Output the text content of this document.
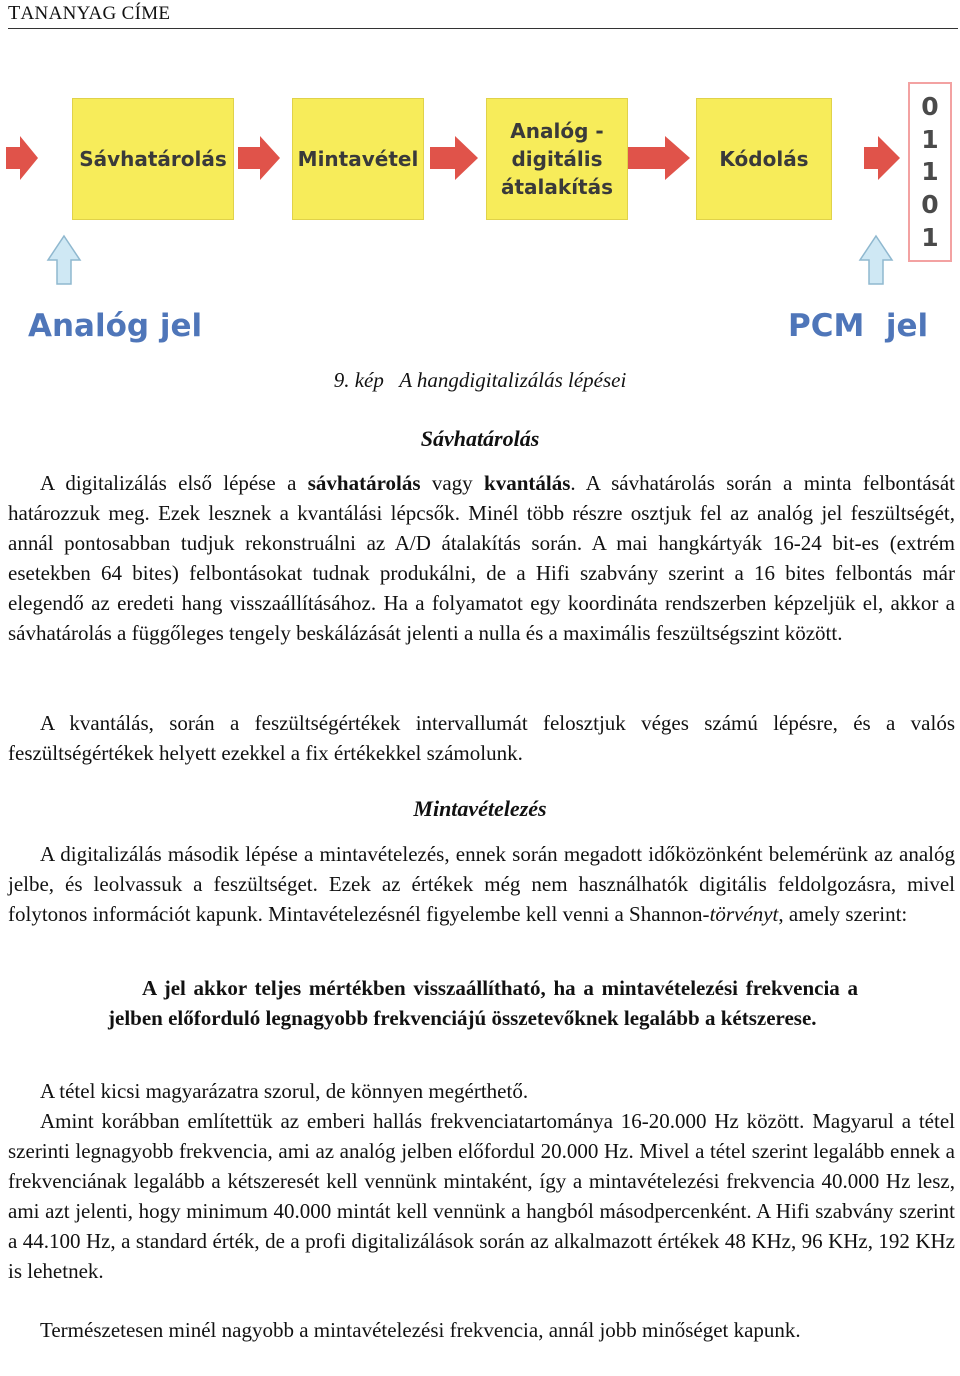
TANANYAG CÍME
Sávhatárolás	Mintavétel
Analóg -
digitális
átalakítás
Kódolás
0
1
1
0
1
Analóg jel	PCM  jel
9. kép   A hangdigitalizálás lépései
Sávhatárolás

A digitalizálás első lépése a sávhatárolás vagy kvantálás. A sávhatárolás során a minta felbontását határozzuk meg. Ezek lesznek a kvantálási lépcsők. Minél több részre osztjuk fel az analóg jel feszültségét, annál pontosabban tudjuk rekonstruálni az A/D átalakítás során. A mai hangkártyák 16-24 bit-es (extrém esetekben 64 bites) felbontásokat tudnak produkálni, de a Hifi szabvány szerint a 16 bites felbontás már elegendő az eredeti hang visszaállításához. Ha a folyamatot egy koordináta rendszerben képzeljük el, akkor a sávhatárolás a függőleges tengely beskálázását jelenti a nulla és a maximális feszültségszint között.

A kvantálás, során a feszültségértékek intervallumát felosztjuk véges számú lépésre, és a valós feszültségértékek helyett ezekkel a fix értékekkel számolunk.

Mintavételezés

A digitalizálás második lépése a mintavételezés, ennek során megadott időközönként belemérünk az analóg jelbe, és leolvassuk a feszültséget. Ezek az értékek még nem használhatók digitális feldolgozásra, mivel folytonos információt kapunk. Mintavételezésnél figyelembe kell venni a Shannon-törvényt, amely szerint:

A jel akkor teljes mértékben visszaállítható, ha a mintavételezési frekvencia a jelben előforduló legnagyobb frekvenciájú összetevőknek legalább a kétszerese.

A tétel kicsi magyarázatra szorul, de könnyen megérthető.

Amint korábban említettük az emberi hallás frekvenciatartománya 16-20.000 Hz között. Magyarul a tétel szerinti legnagyobb frekvencia, ami az analóg jelben előfordul 20.000 Hz. Mivel a tétel szerint legalább ennek a frekvenciának legalább a kétszeresét kell vennünk mintaként, így a mintavételezési frekvencia 40.000 Hz lesz, ami azt jelenti, hogy minimum 40.000 mintát kell vennünk a hangból másodpercenként. A Hifi szabvány szerint a 44.100 Hz, a standard érték, de a profi digitalizálások során az alkalmazott értékek 48 KHz, 96 KHz, 192 KHz is lehetnek.

Természetesen minél nagyobb a mintavételezési frekvencia, annál jobb minőséget kapunk.
